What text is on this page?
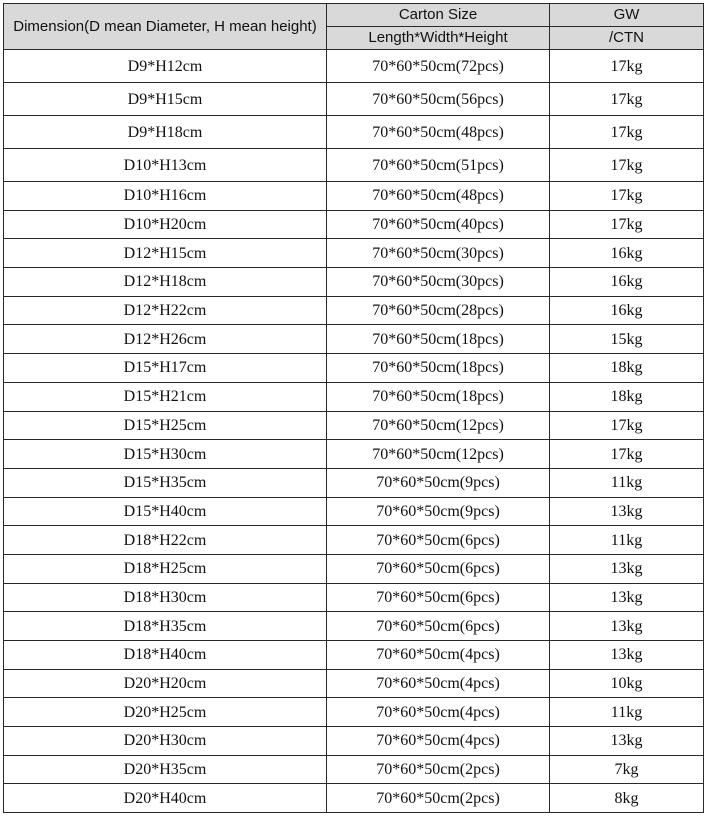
Dimension(D mean Diameter, H mean height)	Carton Size	GW
	Length*Width*Height	/CTN
D9*H12cm	70*60*50cm(72pcs)	17kg
D9*H15cm	70*60*50cm(56pcs)	17kg
D9*H18cm	70*60*50cm(48pcs)	17kg
D10*H13cm	70*60*50cm(51pcs)	17kg
D10*H16cm	70*60*50cm(48pcs)	17kg
D10*H20cm	70*60*50cm(40pcs)	17kg
D12*H15cm	70*60*50cm(30pcs)	16kg
D12*H18cm	70*60*50cm(30pcs)	16kg
D12*H22cm	70*60*50cm(28pcs)	16kg
D12*H26cm	70*60*50cm(18pcs)	15kg
D15*H17cm	70*60*50cm(18pcs)	18kg
D15*H21cm	70*60*50cm(18pcs)	18kg
D15*H25cm	70*60*50cm(12pcs)	17kg
D15*H30cm	70*60*50cm(12pcs)	17kg
D15*H35cm	70*60*50cm(9pcs)	11kg
D15*H40cm	70*60*50cm(9pcs)	13kg
D18*H22cm	70*60*50cm(6pcs)	11kg
D18*H25cm	70*60*50cm(6pcs)	13kg
D18*H30cm	70*60*50cm(6pcs)	13kg
D18*H35cm	70*60*50cm(6pcs)	13kg
D18*H40cm	70*60*50cm(4pcs)	13kg
D20*H20cm	70*60*50cm(4pcs)	10kg
D20*H25cm	70*60*50cm(4pcs)	11kg
D20*H30cm	70*60*50cm(4pcs)	13kg
D20*H35cm	70*60*50cm(2pcs)	7kg
D20*H40cm	70*60*50cm(2pcs)	8kg
